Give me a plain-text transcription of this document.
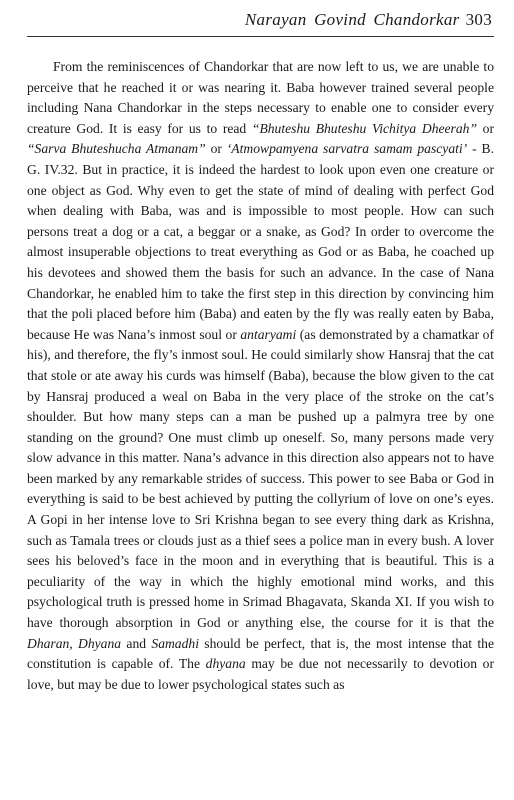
Narayan Govind Chandorkar 303

From the reminiscences of Chandorkar that are now left to us, we are unable to perceive that he reached it or was nearing it. Baba however trained several people including Nana Chandorkar in the steps necessary to enable one to consider every creature God. It is easy for us to read “Bhuteshu Bhuteshu Vichitya Dheerah” or “Sarva Bhuteshucha Atmanam” or ‘Atmowpamyena sarvatra samam pascyati’ - B. G. IV.32. But in practice, it is indeed the hardest to look upon even one creature or one object as God. Why even to get the state of mind of dealing with perfect God when dealing with Baba, was and is impossible to most people. How can such persons treat a dog or a cat, a beggar or a snake, as God? In order to overcome the almost insuperable objections to treat everything as God or as Baba, he coached up his devotees and showed them the basis for such an advance. In the case of Nana Chandorkar, he enabled him to take the first step in this direction by convincing him that the poli placed before him (Baba) and eaten by the fly was really eaten by Baba, because He was Nana’s inmost soul or antaryami (as demonstrated by a chamatkar of his), and therefore, the fly’s inmost soul. He could similarly show Hansraj that the cat that stole or ate away his curds was himself (Baba), because the blow given to the cat by Hansraj produced a weal on Baba in the very place of the stroke on the cat’s shoulder. But how many steps can a man be pushed up a palmyra tree by one standing on the ground? One must climb up oneself. So, many persons made very slow advance in this matter. Nana’s advance in this direction also appears not to have been marked by any remarkable strides of success. This power to see Baba or God in everything is said to be best achieved by putting the collyrium of love on one’s eyes. A Gopi in her intense love to Sri Krishna began to see every thing dark as Krishna, such as Tamala trees or clouds just as a thief sees a police man in every bush. A lover sees his beloved’s face in the moon and in everything that is beautiful. This is a peculiarity of the way in which the highly emotional mind works, and this psychological truth is pressed home in Srimad Bhagavata, Skanda XI. If you wish to have thorough absorption in God or anything else, the course for it is that the Dharan, Dhyana and Samadhi should be perfect, that is, the most intense that the constitution is capable of. The dhyana may be due not necessarily to devotion or love, but may be due to lower psychological states such as
